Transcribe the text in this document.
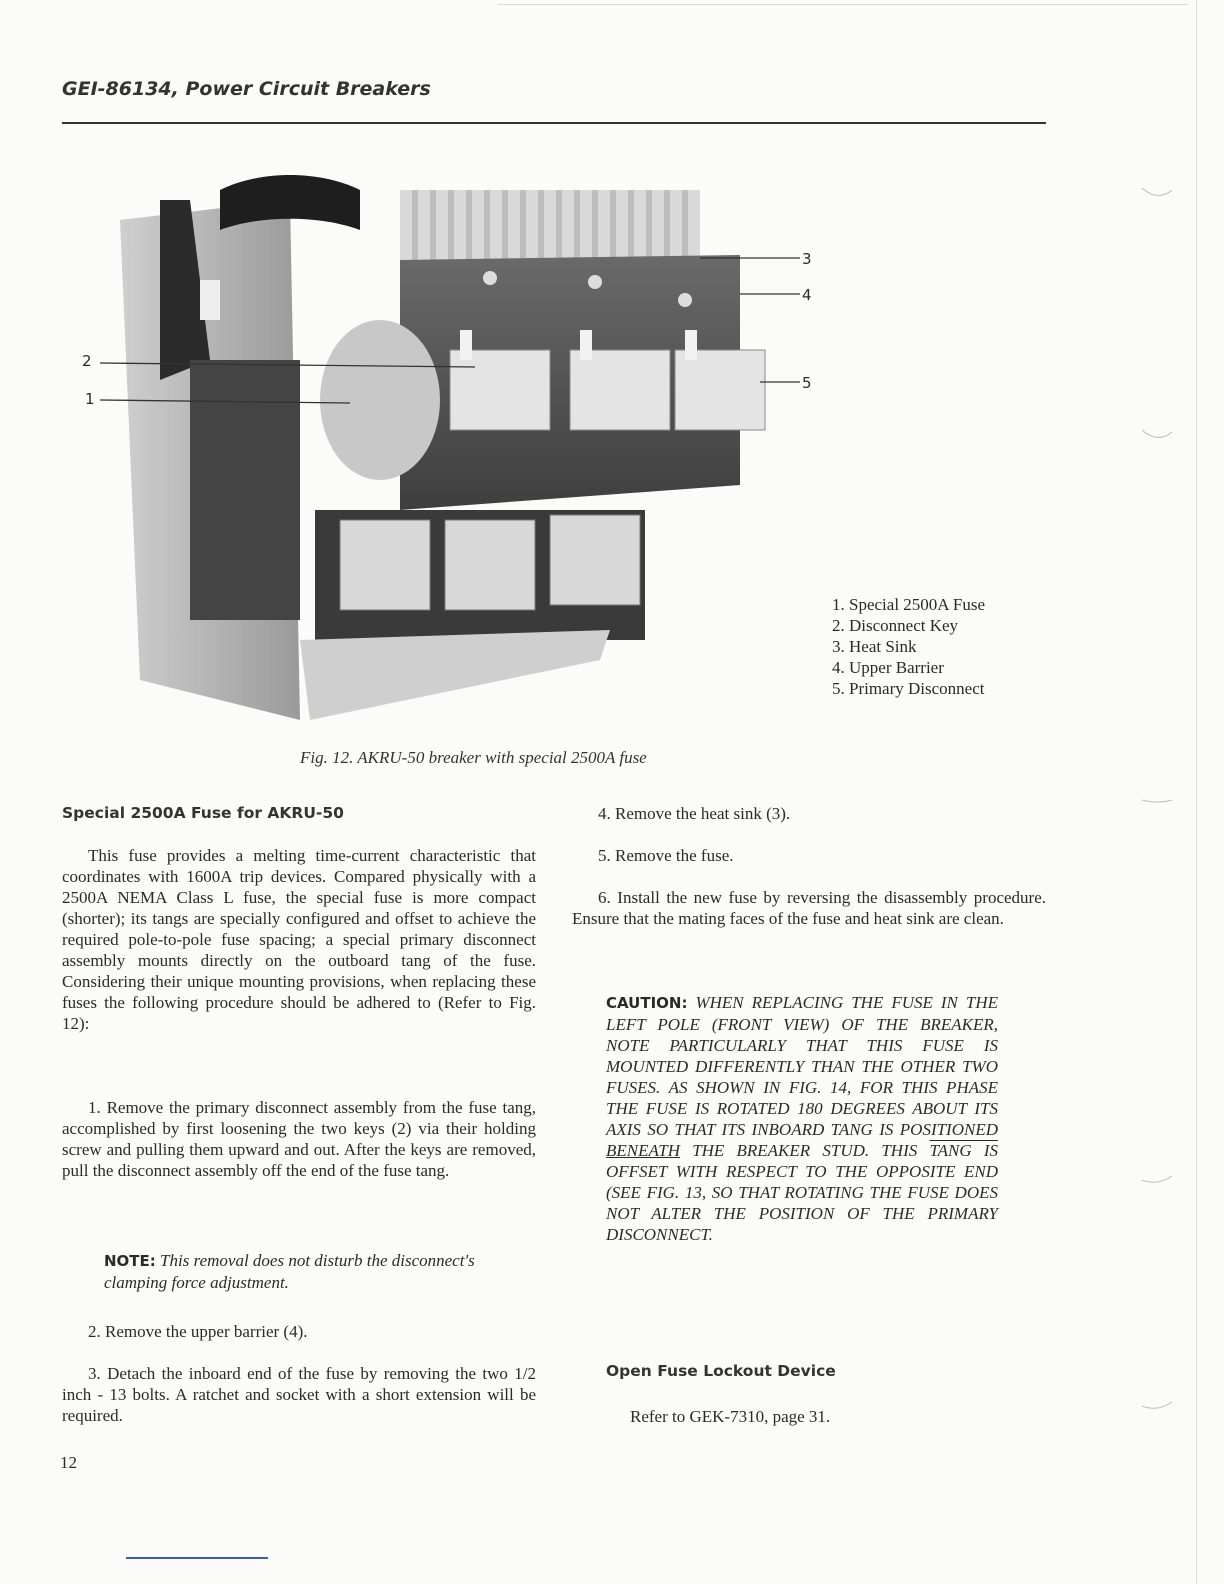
GEI-86134, Power Circuit Breakers
2
1
3
4
5
1. Special 2500A Fuse
2. Disconnect Key
3. Heat Sink
4. Upper Barrier
5. Primary Disconnect
Fig. 12. AKRU-50 breaker with special 2500A fuse
Special 2500A Fuse for AKRU-50

This fuse provides a melting time-current characteristic that coordinates with 1600A trip devices. Compared physically with a 2500A NEMA Class L fuse, the special fuse is more compact (shorter); its tangs are specially configured and offset to achieve the required pole-to-pole fuse spacing; a special primary disconnect assembly mounts directly on the outboard tang of the fuse. Considering their unique mounting provisions, when replacing these fuses the following procedure should be adhered to (Refer to Fig. 12):

1. Remove the primary disconnect assembly from the fuse tang, accomplished by first loosening the two keys (2) via their holding screw and pulling them upward and out. After the keys are removed, pull the disconnect assembly off the end of the fuse tang.

NOTE: This removal does not disturb the disconnect's clamping force adjustment.

2. Remove the upper barrier (4).

3. Detach the inboard end of the fuse by removing the two 1/2 inch - 13 bolts. A ratchet and socket with a short extension will be required.

4. Remove the heat sink (3).

5. Remove the fuse.

6. Install the new fuse by reversing the disassembly procedure. Ensure that the mating faces of the fuse and heat sink are clean.

CAUTION: WHEN REPLACING THE FUSE IN THE LEFT POLE (FRONT VIEW) OF THE BREAKER, NOTE PARTICULARLY THAT THIS FUSE IS MOUNTED DIFFERENTLY THAN THE OTHER TWO FUSES. AS SHOWN IN FIG. 14, FOR THIS PHASE THE FUSE IS ROTATED 180 DEGREES ABOUT ITS AXIS SO THAT ITS INBOARD TANG IS POSITIONED BENEATH THE BREAKER STUD. THIS TANG IS OFFSET WITH RESPECT TO THE OPPOSITE END (SEE FIG. 13, SO THAT ROTATING THE FUSE DOES NOT ALTER THE POSITION OF THE PRIMARY DISCONNECT.
Open Fuse Lockout Device

Refer to GEK-7310, page 31.

12
